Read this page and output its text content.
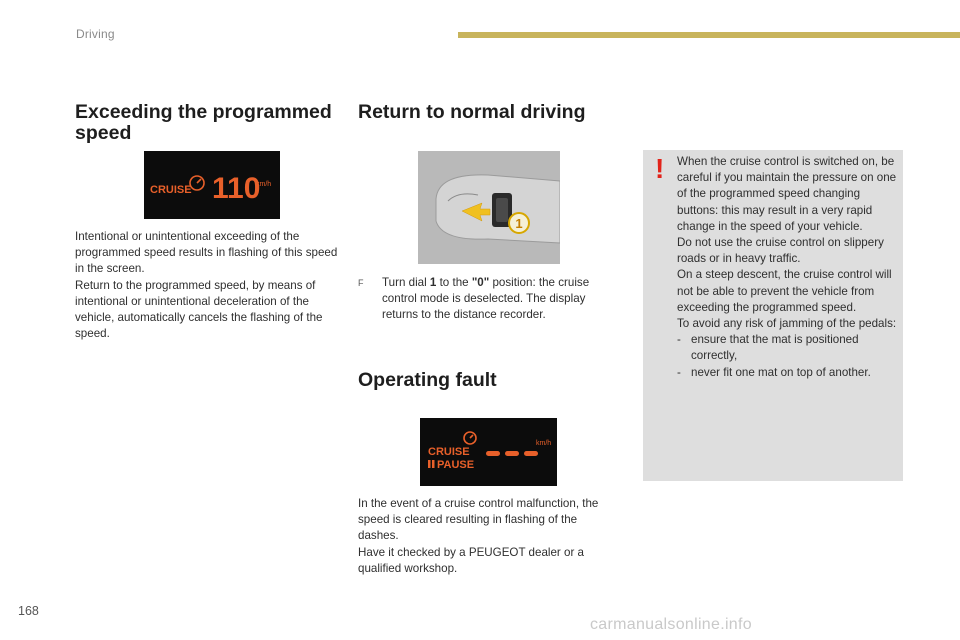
Driving
Exceeding the programmed speed
CRUISE 110
km/h

Intentional or unintentional exceeding of the programmed speed results in flashing of this speed in the screen.

Return to the programmed speed, by means of intentional or unintentional deceleration of the vehicle, automatically cancels the flashing of the speed.

Return to normal driving
1
F Turn dial 1 to the "0" position: the cruise control mode is deselected. The display returns to the distance recorder.
Operating fault
CRUISE
PAUSE
km/h

In the event of a cruise control malfunction, the speed is cleared resulting in flashing of the dashes.

Have it checked by a PEUGEOT dealer or a qualified workshop.

! When the cruise control is switched on, be careful if you maintain the pressure on one of the programmed speed changing buttons: this may result in a very rapid change in the speed of your vehicle.

Do not use the cruise control on slippery roads or in heavy traffic.

On a steep descent, the cruise control will not be able to prevent the vehicle from exceeding the programmed speed.

To avoid any risk of jamming of the pedals:

- ensure that the mat is positioned correctly,
- never fit one mat on top of another.
168
carmanualsonline.info
